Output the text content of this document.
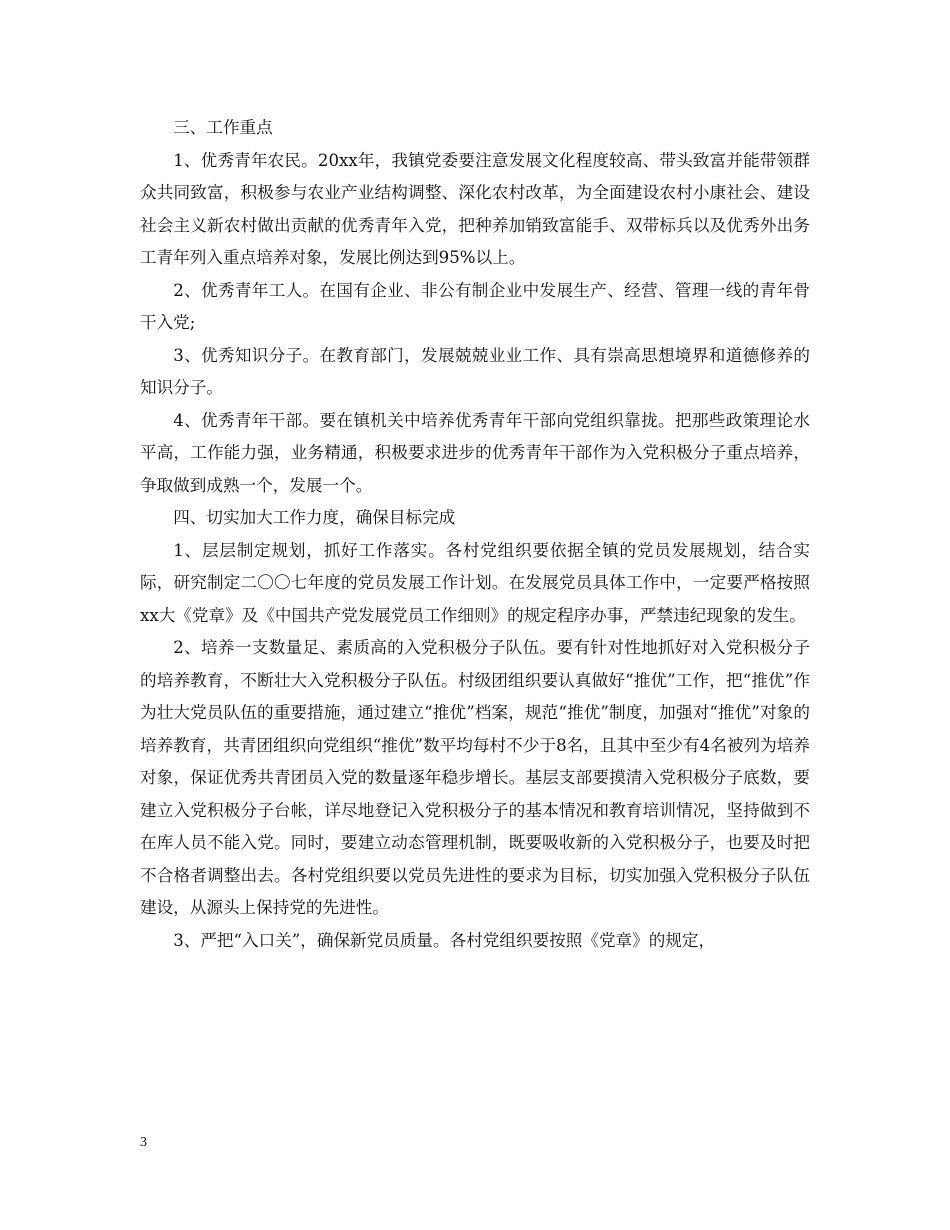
三、工作重点

1、优秀青年农民。20xx年，我镇党委要注意发展文化程度较高、带头致富并能带领群众共同致富，积极参与农业产业结构调整、深化农村改革，为全面建设农村小康社会、建设社会主义新农村做出贡献的优秀青年入党，把种养加销致富能手、双带标兵以及优秀外出务工青年列入重点培养对象，发展比例达到95%以上。

2、优秀青年工人。在国有企业、非公有制企业中发展生产、经营、管理一线的青年骨干入党;

3、优秀知识分子。在教育部门，发展兢兢业业工作、具有崇高思想境界和道德修养的知识分子。

4、优秀青年干部。要在镇机关中培养优秀青年干部向党组织靠拢。把那些政策理论水平高，工作能力强，业务精通，积极要求进步的优秀青年干部作为入党积极分子重点培养，争取做到成熟一个，发展一个。

四、切实加大工作力度，确保目标完成

1、层层制定规划，抓好工作落实。各村党组织要依据全镇的党员发展规划，结合实际，研究制定二〇〇七年度的党员发展工作计划。在发展党员具体工作中，一定要严格按照xx大《党章》及《中国共产党发展党员工作细则》的规定程序办事，严禁违纪现象的发生。

2、培养一支数量足、素质高的入党积极分子队伍。要有针对性地抓好对入党积极分子的培养教育，不断壮大入党积极分子队伍。村级团组织要认真做好“推优”工作，把“推优”作为壮大党员队伍的重要措施，通过建立“推优”档案，规范“推优”制度，加强对“推优”对象的培养教育，共青团组织向党组织“推优”数平均每村不少于8名，且其中至少有4名被列为培养对象，保证优秀共青团员入党的数量逐年稳步增长。基层支部要摸清入党积极分子底数，要建立入党积极分子台帐，详尽地登记入党积极分子的基本情况和教育培训情况，坚持做到不在库人员不能入党。同时，要建立动态管理机制，既要吸收新的入党积极分子，也要及时把不合格者调整出去。各村党组织要以党员先进性的要求为目标，切实加强入党积极分子队伍建设，从源头上保持党的先进性。

3、严把“入口关”，确保新党员质量。各村党组织要按照《党章》的规定，

3
